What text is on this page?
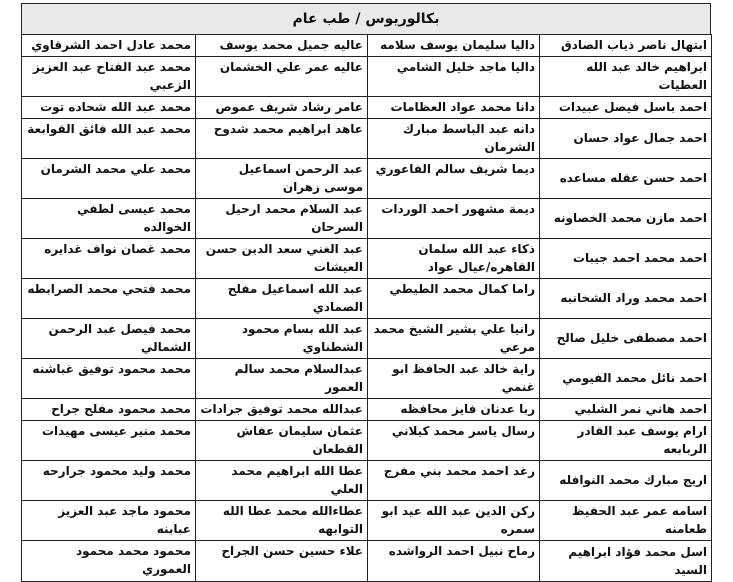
بكالوريوس / طب عام
ابتهال ناصر ذياب الصادق	داليا سليمان يوسف سلامه	عاليه جميل محمد يوسف	محمد عادل احمد الشرقاوي
ابراهيم خالد عبد الله العطيات	داليا ماجد خليل الشامي	عاليه عمر علي الخشمان	محمد عبد الفتاح عبد العزيز الزعبي
احمد باسل فيصل عبيدات	دانا محمد عواد العظامات	عامر رشاد شريف عموص	محمد عبد الله شحاده توت
احمد جمال عواد حسان	دانه عبد الباسط مبارك الشرمان	عاهد ابراهيم محمد شدوح	محمد عبد الله فائق القوابعة
احمد حسن عقله مساعده	ديما شريف سالم الفاعوري	عبد الرحمن اسماعيل موسى زهران	محمد علي محمد الشرمان
احمد مازن محمد الخصاونه	ديمة مشهور احمد الوردات	عبد السلام محمد ارحيل السرحان	محمد عيسى لطفي الخوالده
احمد محمد احمد جيبات	ذكاء عبد الله سلمان القاهره/عيال عواد	عبد الغني سعد الدين حسن العيشات	محمد غصان نواف غدايره
احمد محمد وراد الشخانبه	راما كمال محمد الطيطي	عبد الله اسماعيل مفلح الصمادي	محمد فتحي محمد الصرابطه
احمد مصطفى خليل صالح	رانيا علي بشير الشيخ محمد مرعي	عبد الله بسام محمود الشطناوي	محمد فيصل عبد الرحمن الشمالي
احمد نائل محمد الفيومي	راية خالد عبد الحافظ ابو غنمي	عبدالسلام محمد سالم العمور	محمد محمود توفيق غباشنه
احمد هاني نمر الشلبي	ربا عدنان فايز محافظه	عبدالله محمد توفيق جرادات	محمد محمود مفلح جراح
ارام يوسف عبد القادر الربابعه	رسال ياسر محمد كيلاني	عثمان سليمان عفاش القطعان	محمد منير عيسى مهيدات
اريج مبارك محمد النوافله	رغد احمد محمد بني مفرج	عطا الله ابراهيم محمد العلي	محمد وليد محمود جرارحه
اسامه عمر عبد الحفيظ طعامنه	ركن الدين عبد الله عيد ابو سمره	عطاءالله محمد عطا الله التوابهه	محمود ماجد عبد العزيز عبابنه
اسل محمد فؤاد ابراهيم السيد	رماح نبيل احمد الرواشده	علاء حسين حسن الجراح	محمود محمد محمود العموري
